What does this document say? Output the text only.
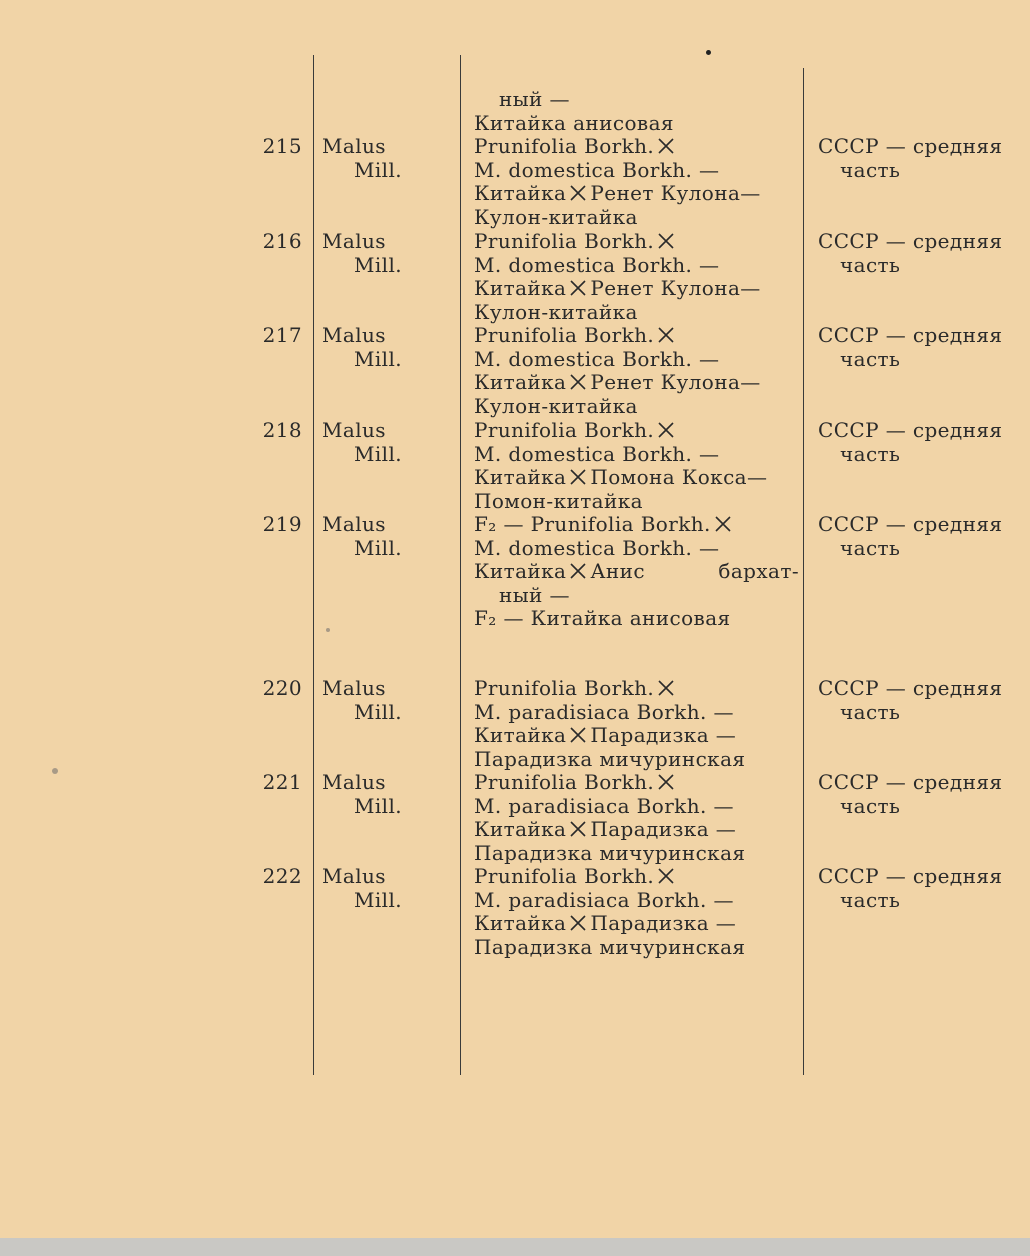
ный —
Китайка анисовая
215 Malus
Mill.
Prunifolia Borkh.
M. domestica Borkh. —
Китайка Ренет Кулона—
Кулон-китайка
СССР — средняя
часть
216 Malus
Mill.
Prunifolia Borkh.
M. domestica Borkh. —
Китайка Ренет Кулона—
Кулон-китайка
СССР — средняя
часть
217 Malus
Mill.
Prunifolia Borkh.
M. domestica Borkh. —
Китайка Ренет Кулона—
Кулон-китайка
СССР — средняя
часть
218 Malus
Mill.
Prunifolia Borkh.
M. domestica Borkh. —
Китайка Помона Кокса—
Помон-китайка
СССР — средняя
часть
219 Malus
Mill.
F₂ — Prunifolia Borkh.
M. domestica Borkh. —
Китайка Анис	бархат-
ный —
F₂ — Китайка анисовая
СССР — средняя
часть
220 Malus
Mill.
Prunifolia Borkh.
M. paradisiaca Borkh. —
Китайка Парадизка —
Парадизка мичуринская
СССР — средняя
часть
221 Malus
Mill.
Prunifolia Borkh.
M. paradisiaca Borkh. —
Китайка Парадизка —
Парадизка мичуринская
СССР — средняя
часть
222 Malus
Mill.
Prunifolia Borkh.
M. paradisiaca Borkh. —
Китайка Парадизка —
Парадизка мичуринская
СССР — средняя
часть
